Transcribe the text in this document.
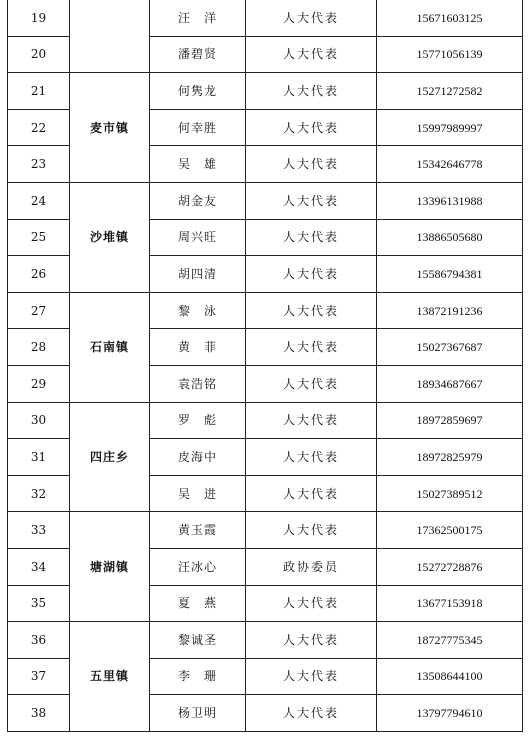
19		汪　洋	人大代表	15671603125
20		潘碧贤	人大代表	15771056139
21	麦市镇	何隽龙	人大代表	15271272582
22		何幸胜	人大代表	15997989997
23		吴　雄	人大代表	15342646778
24	沙堆镇	胡金友	人大代表	13396131988
25		周兴旺	人大代表	13886505680
26		胡四清	人大代表	15586794381
27	石南镇	黎　泳	人大代表	13872191236
28		黄　菲	人大代表	15027367687
29		袁浩铭	人大代表	18934687667
30	四庄乡	罗　彪	人大代表	18972859697
31		皮海中	人大代表	18972825979
32		吴　进	人大代表	15027389512
33	塘湖镇	黄玉霞	人大代表	17362500175
34		汪冰心	政协委员	15272728876
35		夏　燕	人大代表	13677153918
36	五里镇	黎诚圣	人大代表	18727775345
37		李　珊	人大代表	13508644100
38		杨卫明	人大代表	13797794610
